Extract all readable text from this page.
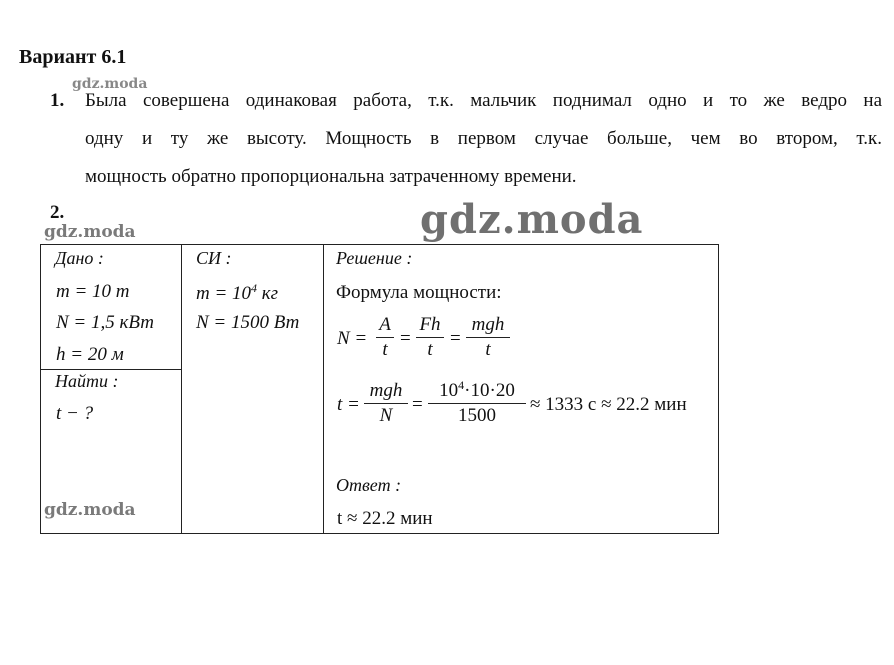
Вариант 6.1
gdz.moda
1. Была совершена одинаковая работа, т.к. мальчик поднимал одно и то же ведро на
одну и ту же высоту. Мощность в первом случае больше, чем во втором, т.к.
мощность обратно пропорциональна затраченному времени.
2.
gdz.moda	gdz.moda
Дано :
m = 10 т
N = 1,5 кВт
h = 20 м
Найти :
t − ?
gdz.moda
СИ :
$m = 10^4$ кг
N = 1500 Вт
Решение :
Формула мощности:
N =
A
t
=
Fh
t
=
mgh
t
t =
mgh
N
=
$10^4\cdot 10\cdot 20$
1500
≈ 1333 с ≈ 22.2 мин
Ответ :
t ≈ 22.2 мин
